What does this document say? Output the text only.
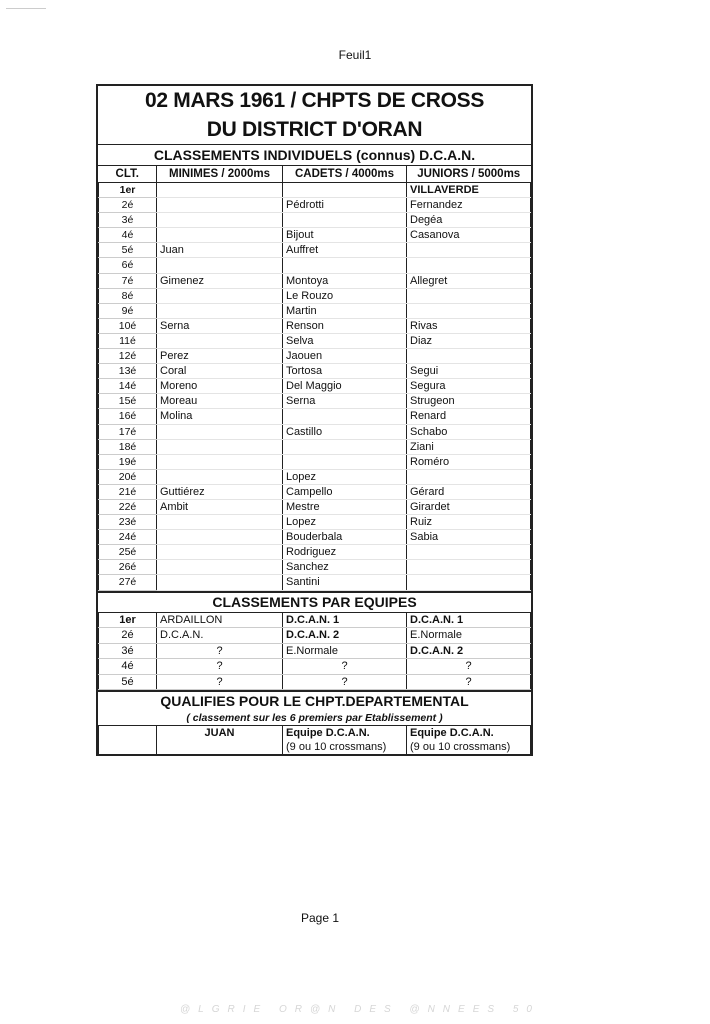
Feuil1
02 MARS 1961 / CHPTS DE CROSS
DU DISTRICT D'ORAN
CLASSEMENTS INDIVIDUELS (connus) D.C.A.N.
CLT.	MINIMES / 2000ms	CADETS / 4000ms	JUNIORS / 5000ms
1er			VILLAVERDE
2é		Pédrotti	Fernandez
3é			Degéa
4é		Bijout	Casanova
5é	Juan	Auffret	
6é			
7é	Gimenez	Montoya	Allegret
8é		Le Rouzo	
9é		Martin	
10é	Serna	Renson	Rivas
11é		Selva	Diaz
12é	Perez	Jaouen	
13é	Coral	Tortosa	Segui
14é	Moreno	Del Maggio	Segura
15é	Moreau	Serna	Strugeon
16é	Molina		Renard
17é		Castillo	Schabo
18é			Ziani
19é			Roméro
20é		Lopez	
21é	Guttiérez	Campello	Gérard
22é	Ambit	Mestre	Girardet
23é		Lopez	Ruiz
24é		Bouderbala	Sabia
25é		Rodriguez	
26é		Sanchez	
27é		Santini	
CLASSEMENTS PAR EQUIPES
1er	ARDAILLON	D.C.A.N. 1	D.C.A.N. 1
2é	D.C.A.N.	D.C.A.N. 2	E.Normale
3é	?	E.Normale	D.C.A.N. 2
4é	?	?	?
5é	?	?	?
QUALIFIES POUR LE CHPT.DEPARTEMENTAL
( classement sur les 6 premiers par Etablissement )
	JUAN	Equipe D.C.A.N.	Equipe D.C.A.N.
		(9 ou 10 crossmans)	(9 ou 10 crossmans)
Page 1
@LGRIE OR@N DES @NNEES 50
